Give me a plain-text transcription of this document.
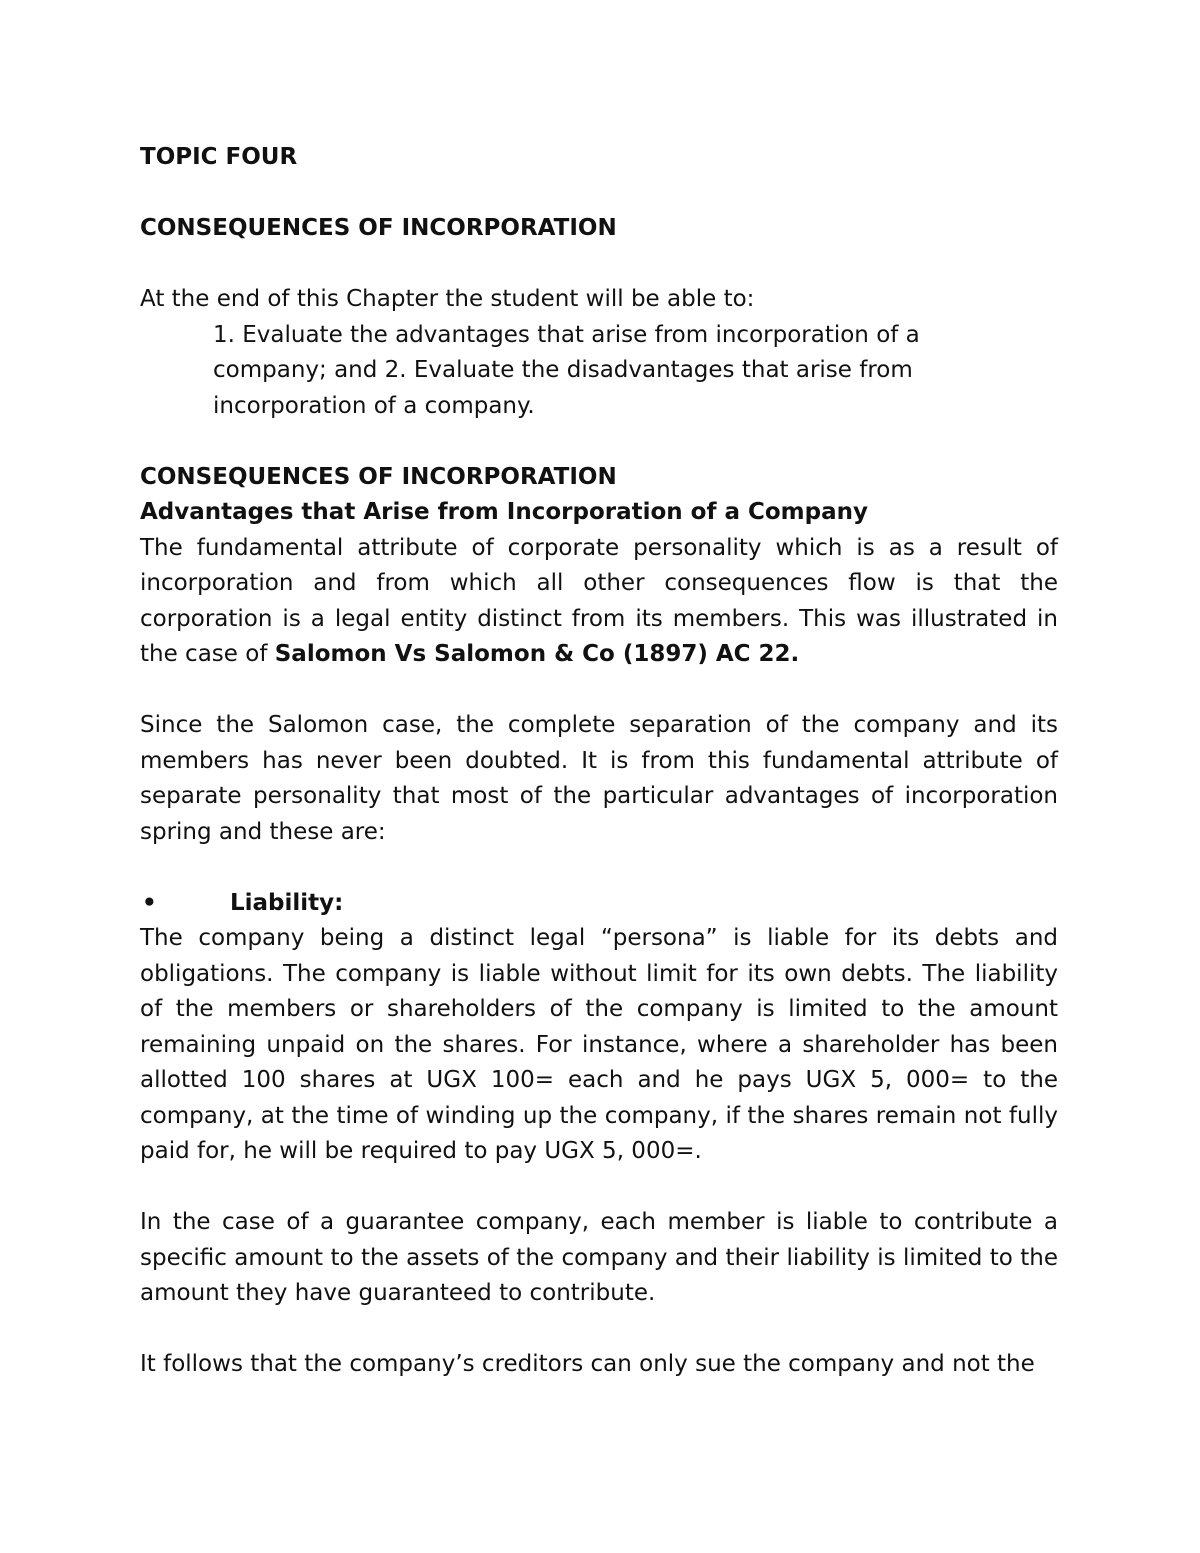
TOPIC FOUR

CONSEQUENCES OF INCORPORATION

At the end of this Chapter the student will be able to:

1. Evaluate the advantages that arise from incorporation of a company; and 2. Evaluate the disadvantages that arise from incorporation of a company.

CONSEQUENCES OF INCORPORATION

Advantages that Arise from Incorporation of a Company

The fundamental attribute of corporate personality which is as a result of incorporation and from which all other consequences flow is that the corporation is a legal entity distinct from its members. This was illustrated in the case of Salomon Vs Salomon & Co (1897) AC 22.

Since the Salomon case, the complete separation of the company and its members has never been doubted. It is from this fundamental attribute of separate personality that most of the particular advantages of incorporation spring and these are:

•	Liability:

The company being a distinct legal “persona” is liable for its debts and obligations. The company is liable without limit for its own debts. The liability of the members or shareholders of the company is limited to the amount remaining unpaid on the shares. For instance, where a shareholder has been allotted 100 shares at UGX 100= each and he pays UGX 5, 000= to the company, at the time of winding up the company, if the shares remain not fully paid for, he will be required to pay UGX 5, 000=.

In the case of a guarantee company, each member is liable to contribute a specific amount to the assets of the company and their liability is limited to the amount they have guaranteed to contribute.

It follows that the company’s creditors can only sue the company and not the
